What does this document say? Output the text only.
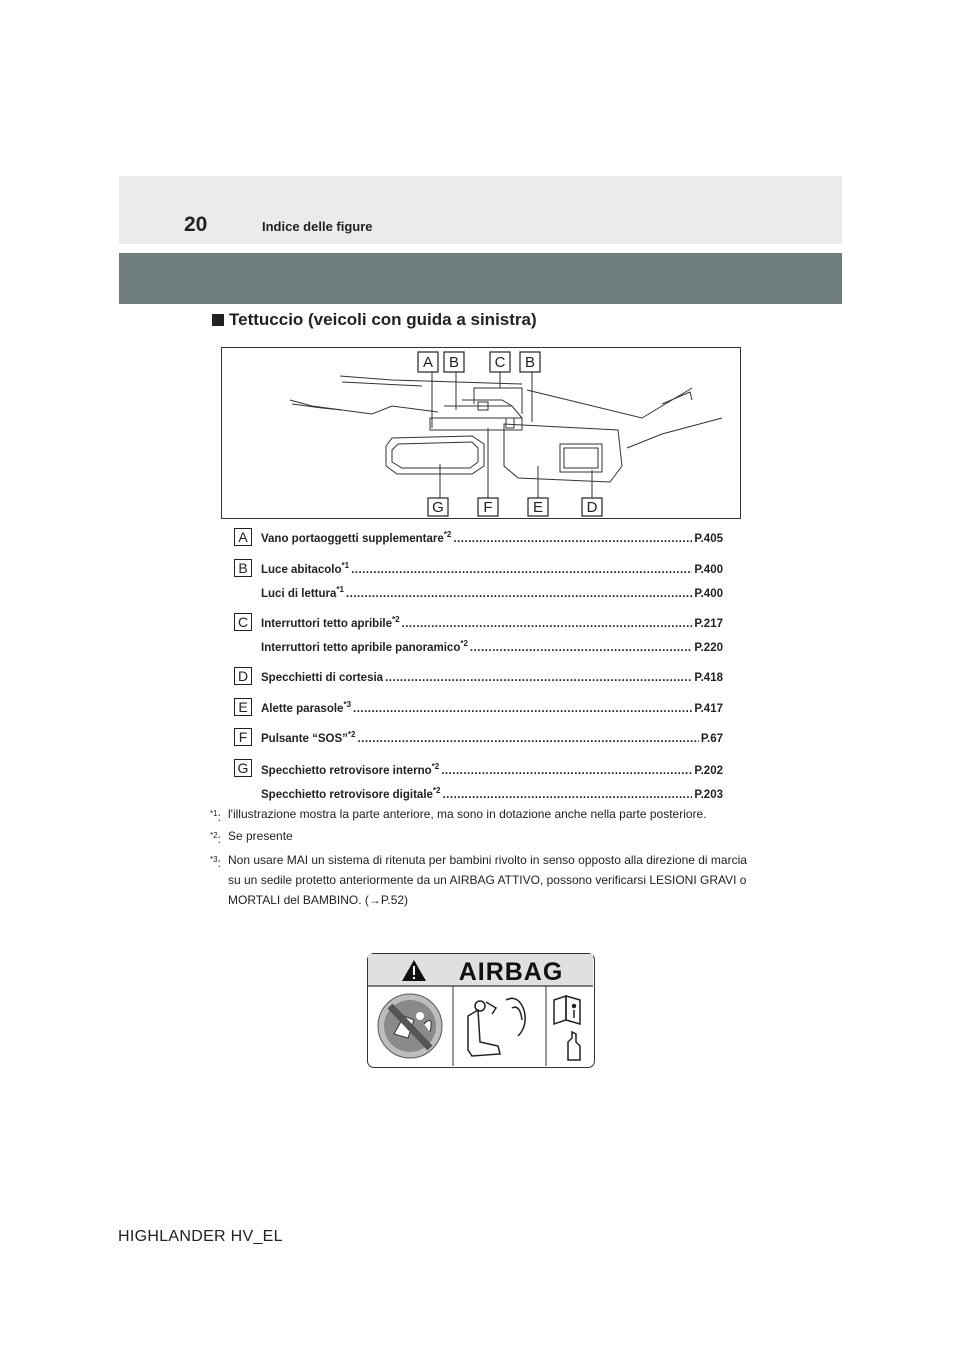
20	Indice delle figure
Tettuccio (veicoli con guida a sinistra)
A B C B
G	F	E	D
A	Vano portaoggetti supplementare$^{*2}$ .....	P.405
B	Luce abitacolo$^{*1}$ .....	P.400
Luci di lettura$^{*1}$ .....	P.400
C	Interruttori tetto apribile$^{*2}$ .....	P.217
Interruttori tetto apribile panoramico$^{*2}$ .....	P.220
D	Specchietti di cortesia .....	P.418
E	Alette parasole$^{*3}$ .....	P.417
F	Pulsante “SOS”$^{*2}$ .....	P.67
G	Specchietto retrovisore interno$^{*2}$ .....	P.202
Specchietto retrovisore digitale$^{*2}$ .....	P.203
$^{*1}$: l'illustrazione mostra la parte anteriore, ma sono in dotazione anche nella parte posteriore.
$^{*2}$: Se presente
$^{*3}$: Non usare MAI un sistema di ritenuta per bambini rivolto in senso opposto alla direzione di marcia su un sedile protetto anteriormente da un AIRBAG ATTIVO, possono verificarsi LESIONI GRAVI o MORTALI del BAMBINO. (→P.52)
AIRBAG
HIGHLANDER HV_EL
